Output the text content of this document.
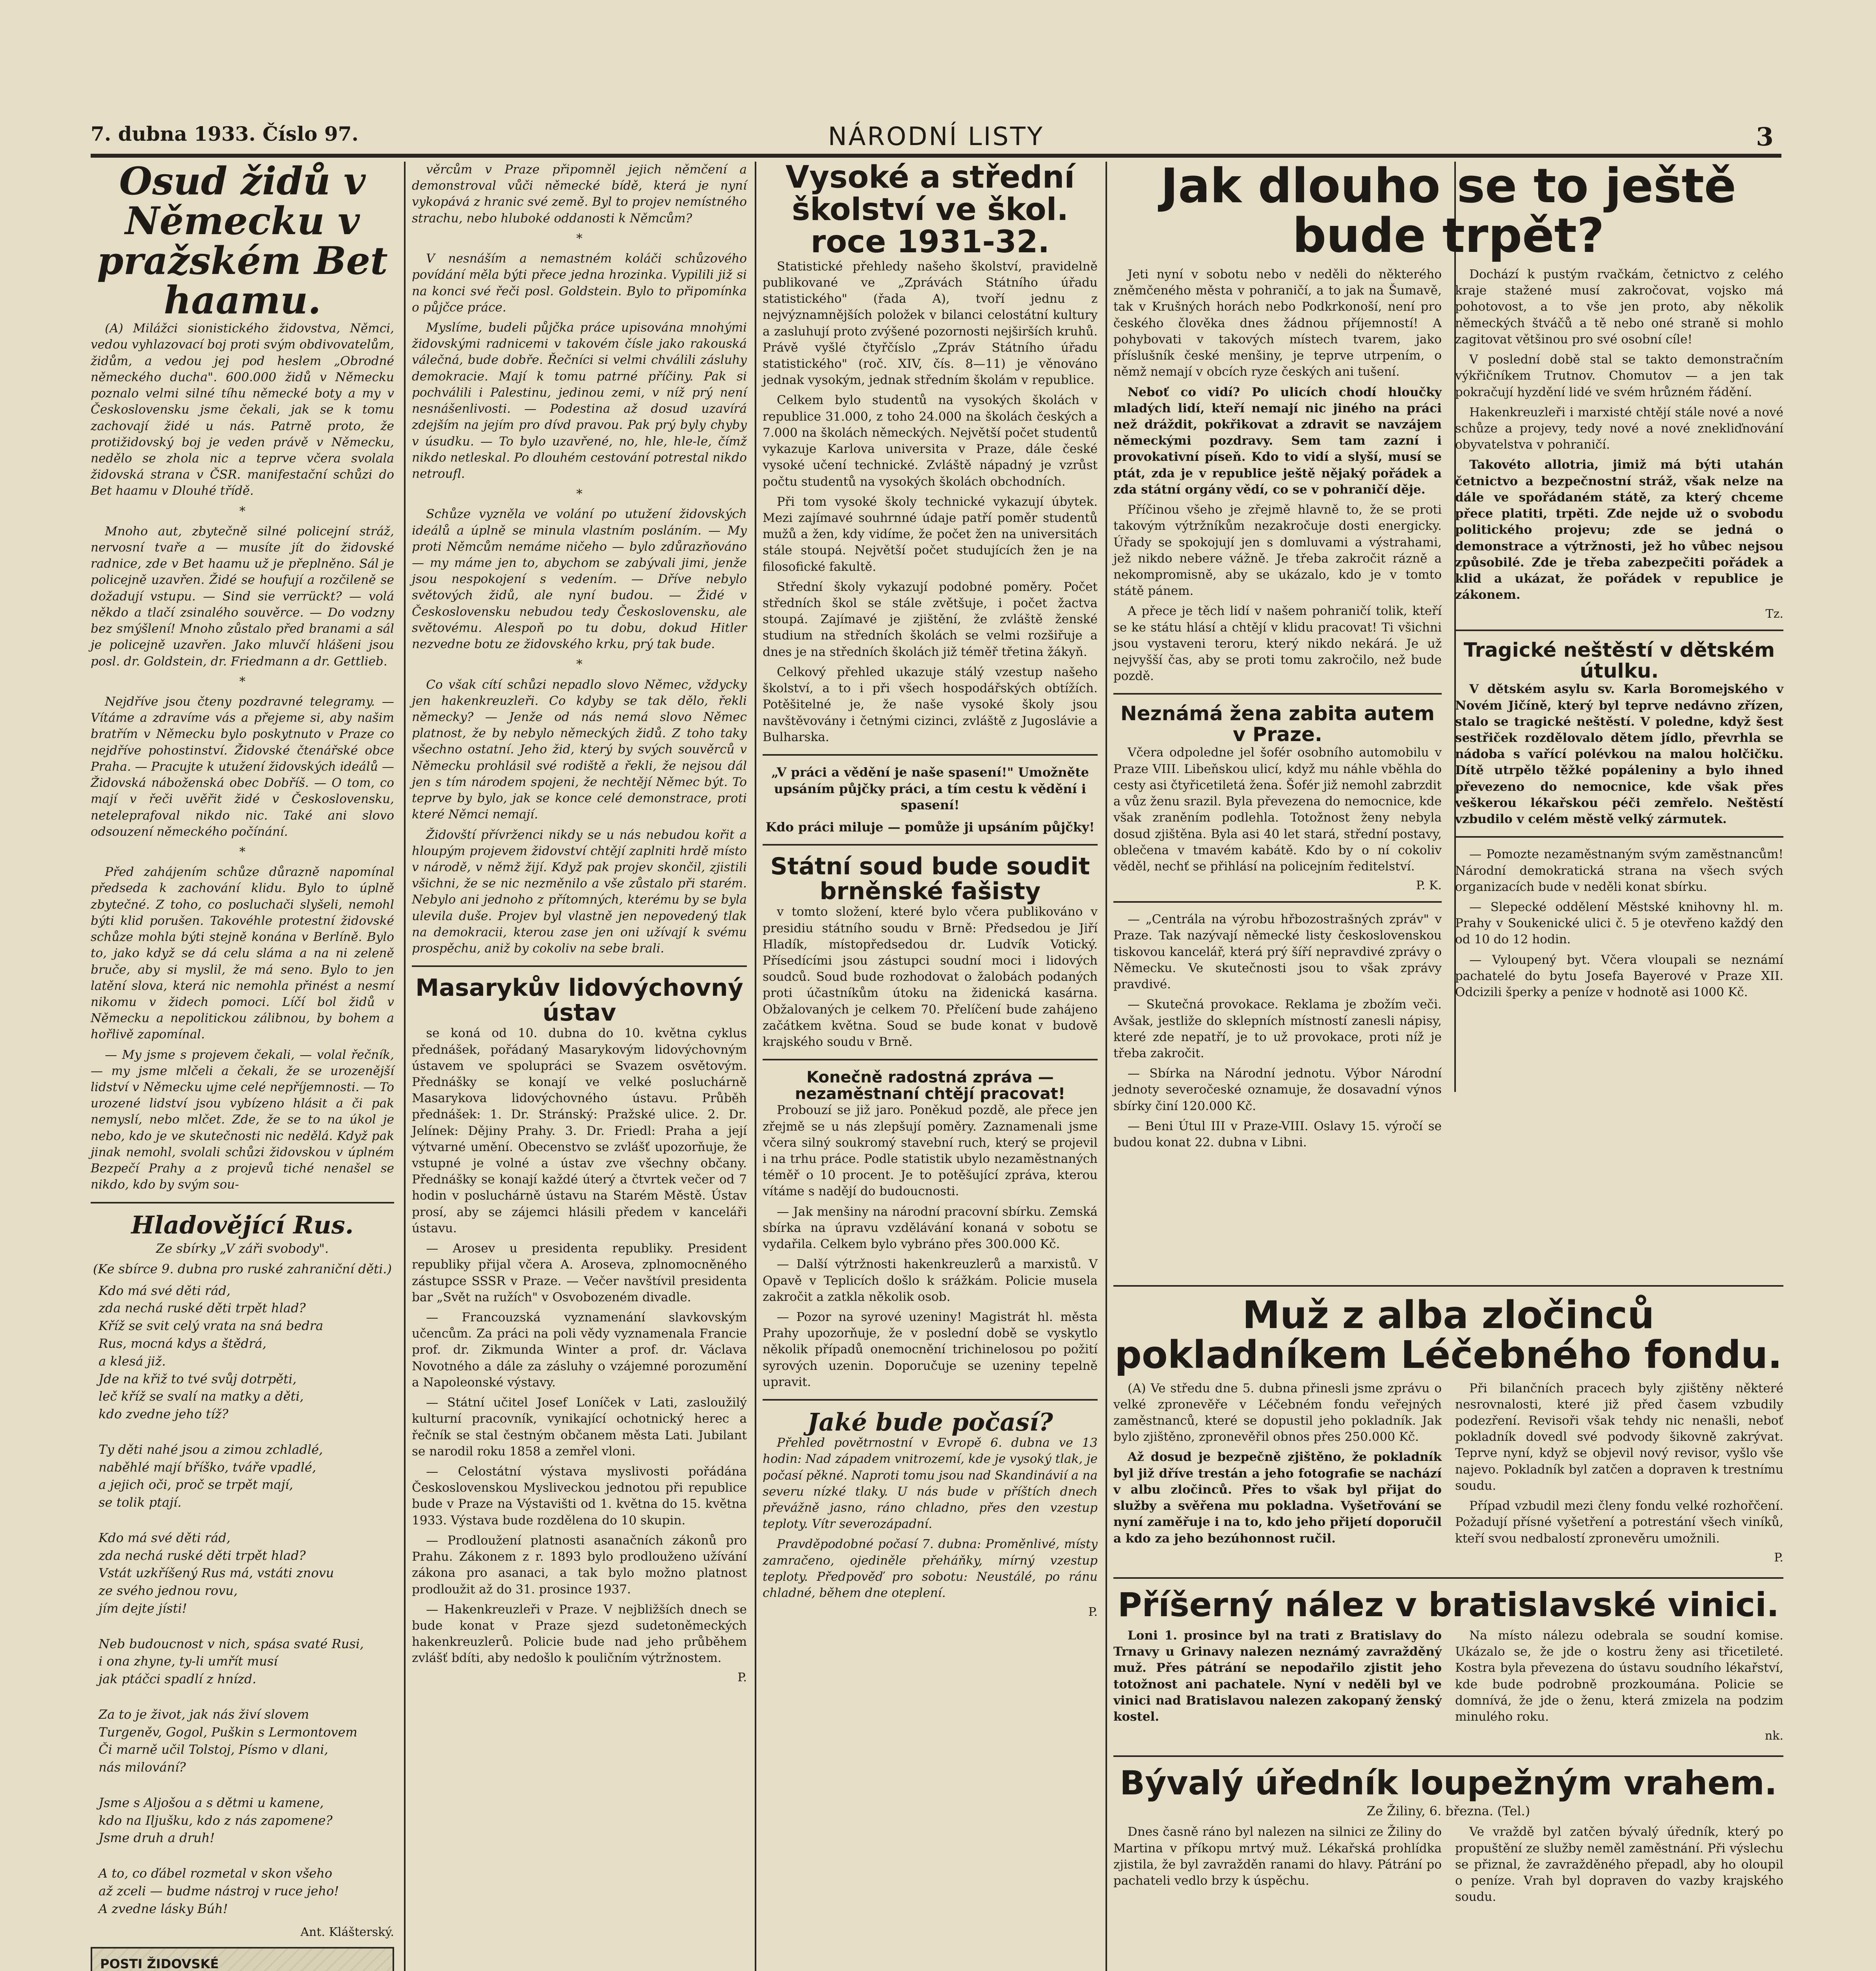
7. dubna 1933. Číslo 97.	NÁRODNÍ LISTY	3
Osud židů v Německu v pražském Bet haamu.

(A) Milážci sionistického židovstva, Němci, vedou vyhlazovací boj proti svým obdivovatelům, židům, a vedou jej pod heslem „Obrodné německého ducha". 600.000 židů v Německu poznalo velmi silné tíhu německé boty a my v Československu jsme čekali, jak se k tomu zachovají židé u nás. Patrně proto, že protižidovský boj je veden právě v Německu, nedělo se zhola nic a teprve včera svolala židovská strana v ČSR. manifestační schůzi do Bet haamu v Dlouhé třídě.

*

Mnoho aut, zbytečně silné policejní stráž, nervosní tvaře a — musíte jít do židovské radnice, zde v Bet haamu už je přeplněno. Sál je policejně uzavřen. Židé se houfují a rozčileně se dožadují vstupu. — Sind sie verrückt? — volá někdo a tlačí zsinalého souvěrce. — Do vodzny bez smýšlení! Mnoho zůstalo před branami a sál je policejně uzavřen. Jako mluvčí hlášeni jsou posl. dr. Goldstein, dr. Friedmann a dr. Gettlieb.

*

Nejdříve jsou čteny pozdravné telegramy. — Vítáme a zdravíme vás a přejeme si, aby našim bratřím v Německu bylo poskytnuto v Praze co nejdříve pohostinství. Židovské čtenářské obce Praha. — Pracujte k utužení židovských ideálů — Židovská náboženská obec Dobříš. — O tom, co mají v řeči uvěřit židé v Československu, neteleprafoval nikdo nic. Také ani slovo odsouzení německého počínání.

*

Před zahájením schůze důrazně napomínal předseda k zachování klidu. Bylo to úplně zbytečné. Z toho, co posluchači slyšeli, nemohl býti klid porušen. Takovéhle protestní židovské schůze mohla býti stejně konána v Berlíně. Bylo to, jako když se dá celu sláma a na ni zeleně bruče, aby si myslil, že má seno. Bylo to jen latění slova, která nic nemohla přinést a nesmí nikomu v židech pomoci. Líčí bol židů v Německu a nepolitickou zálibnou, by bohem a hořlivě zapomínal.

— My jsme s projevem čekali, — volal řečník, — my jsme mlčeli a čekali, že se urozenější lidství v Německu ujme celé nepříjemnosti. — To urozené lidství jsou vybízeno hlásit a či pak nemyslí, nebo mlčet. Zde, že se to na úkol je nebo, kdo je ve skutečnosti nic nedělá. Když pak jinak nemohl, svolali schůzi židovskou v úplném Bezpečí Prahy a z projevů tiché nenašel se nikdo, kdo by svým sou-

Hladovějící Rus.
Ze sbírky „V záři svobody".
(Ke sbírce 9. dubna pro ruské zahraniční děti.)
Kdo má své děti rád,
zda nechá ruské děti trpět hlad?
Kříž se svit celý vrata na sná bedra
Rus, mocná kdys a štědrá,
a klesá již.
Jde na křiž to tvé svůj dotrpěti,
leč kříž se svalí na matky a děti,
kdo zvedne jeho tíž?

Ty děti nahé jsou a zimou zchladlé,
naběhlé mají bříško, tváře vpadlé,
a jejich oči, proč se trpět mají,
se tolik ptají.

Kdo má své děti rád,
zda nechá ruské děti trpět hlad?
Vstát uzkříšený Rus má, vstáti znovu
ze svého jednou rovu,
jím dejte jísti!

Neb budoucnost v nich, spása svaté Rusi,
i ona zhyne, ty-li umřít musí
jak ptáčci spadlí z hnízd.

Za to je život, jak nás živí slovem
Turgeněv, Gogol, Puškin s Lermontovem
Či marně učil Tolstoj, Písmo v dlani,
nás milování?

Jsme s Aljošou a s dětmi u kamene,
kdo na Iljušku, kdo z nás zapomene?
Jsme druh a druh!

A to, co ďábel rozmetal v skon všeho
až zceli — budme nástroj v ruce jeho!
A zvedne lásky Búh!
Ant. Klášterský.
POSTI ŽIDOVSKÉ

věrcům v Praze připomněl jejich němčení a demonstroval vůči německé bídě, která je nyní vykopává z hranic své země. Byl to projev nemístného strachu, nebo hluboké oddanosti k Němcům?

*

V nesnáším a nemastném koláči schůzového povídání měla býti přece jedna hrozinka. Vypilili již si na konci své řeči posl. Goldstein. Bylo to připomínka o půjčce práce.

Myslíme, budeli půjčka práce upisována mnohými židovskými radnicemi v takovém čísle jako rakouská válečná, bude dobře. Řečníci si velmi chválili zásluhy demokracie. Mají k tomu patrné příčiny. Pak si pochválili i Palestinu, jedinou zemi, v níž prý není nesnášenlivosti. — Podestina až dosud uzavírá zdejším na jejím pro dívd pravou. Pak prý byly chyby v úsudku. — To bylo uzavřené, no, hle, hle-le, čímž nikdo netleskal. Po dlouhém cestování potrestal nikdo netroufl.

*

Schůze vyzněla ve volání po utužení židovských ideálů a úplně se minula vlastním posláním. — My proti Němcům nemáme ničeho — bylo zdůrazňováno — my máme jen to, abychom se zabývali jimi, jenže jsou nespokojení s vedením. — Dříve nebylo světových židů, ale nyní budou. — Židé v Československu nebudou tedy Československu, ale světovému. Alespoň po tu dobu, dokud Hitler nezvedne botu ze židovského krku, prý tak bude.

*

Co však cítí schůzi nepadlo slovo Němec, vždycky jen hakenkreuzleři. Co kdyby se tak dělo, řekli německy? — Jenže od nás nemá slovo Němec platnost, že by nebylo německých židů. Z toho taky všechno ostatní. Jeho žid, který by svých souvěrců v Německu prohlásil své rodiště a řekli, že nejsou dál jen s tím národem spojeni, že nechtějí Němec být. To teprve by bylo, jak se konce celé demonstrace, proti které Němci nemají.

Židovští přívrženci nikdy se u nás nebudou kořit a hloupým projevem židovství chtějí zaplniti hrdě místo v národě, v němž žijí. Když pak projev skončil, zjistili všichni, že se nic nezměnilo a vše zůstalo při starém. Nebylo ani jednoho z přítomných, kterému by se byla ulevila duše. Projev byl vlastně jen nepovedený tlak na demokracii, kterou zase jen oni užívají k svému prospěchu, aniž by cokoliv na sebe brali.

Masarykův lidovýchovný ústav

se koná od 10. dubna do 10. května cyklus přednášek, pořádaný Masarykovým lidovýchovným ústavem ve spolupráci se Svazem osvětovým. Přednášky se konají ve velké posluchárně Masarykova lidovýchovného ústavu. Průběh přednášek: 1. Dr. Stránský: Pražské ulice. 2. Dr. Jelínek: Dějiny Prahy. 3. Dr. Friedl: Praha a její výtvarné umění. Obecenstvo se zvlášť upozorňuje, že vstupné je volné a ústav zve všechny občany. Přednášky se konají každé úterý a čtvrtek večer od 7 hodin v posluchárně ústavu na Starém Městě. Ústav prosí, aby se zájemci hlásili předem v kanceláři ústavu.

— Arosev u presidenta republiky. President republiky přijal včera A. Aroseva, zplnomocněného zástupce SSSR v Praze. — Večer navštívil presidenta bar „Svět na ružích" v Osvobozeném divadle.

— Francouzská vyznamenání slavkovským učencům. Za práci na poli vědy vyznamenala Francie prof. dr. Zikmunda Winter a prof. dr. Václava Novotného a dále za zásluhy o vzájemné porozumění a Napoleonské výstavy.

— Státní učitel Josef Loníček v Lati, zasloužilý kulturní pracovník, vynikající ochotnický herec a řečník se stal čestným občanem města Lati. Jubilant se narodil roku 1858 a zemřel vloni.

— Celostátní výstava myslivosti pořádána Československou Mysliveckou jednotou při republice bude v Praze na Výstavišti od 1. května do 15. května 1933. Výstava bude rozdělena do 10 skupin.

— Prodloužení platnosti asanačních zákonů pro Prahu. Zákonem z r. 1893 bylo prodlouženo užívání zákona pro asanaci, a tak bylo možno platnost prodloužit až do 31. prosince 1937.

— Hakenkreuzleři v Praze. V nejbližších dnech se bude konat v Praze sjezd sudetoněmeckých hakenkreuzlerů. Policie bude nad jeho průběhem zvlášť bdíti, aby nedošlo k pouličním výtržnostem.

P.
Vysoké a střední školství ve škol. roce 1931-32.

Statistické přehledy našeho školství, pravidelně publikované ve „Zprávách Státního úřadu statistického" (řada A), tvoří jednu z nejvýznamnějších položek v bilanci celostátní kultury a zasluhují proto zvýšené pozornosti nejširších kruhů. Právě vyšlé čtyřčíslo „Zpráv Státního úřadu statistického" (roč. XIV, čís. 8—11) je věnováno jednak vysokým, jednak středním školám v republice.

Celkem bylo studentů na vysokých školách v republice 31.000, z toho 24.000 na školách českých a 7.000 na školách německých. Největší počet studentů vykazuje Karlova universita v Praze, dále české vysoké učení technické. Zvláště nápadný je vzrůst počtu studentů na vysokých školách obchodních.

Při tom vysoké školy technické vykazují úbytek. Mezi zajímavé souhrnné údaje patří poměr studentů mužů a žen, kdy vidíme, že počet žen na universitách stále stoupá. Největší počet studujících žen je na filosofické fakultě.

Střední školy vykazují podobné poměry. Počet středních škol se stále zvětšuje, i počet žactva stoupá. Zajímavé je zjištění, že zvláště ženské studium na středních školách se velmi rozšiřuje a dnes je na středních školách již téměř třetina žákyň.

Celkový přehled ukazuje stálý vzestup našeho školství, a to i při všech hospodářských obtížích. Potěšitelné je, že naše vysoké školy jsou navštěvovány i četnými cizinci, zvláště z Jugoslávie a Bulharska.

„V práci a vědění je naše spasení!" Umožněte upsáním půjčky práci, a tím cestu k vědění i spasení!
Kdo práci miluje — pomůže ji upsáním půjčky!
Státní soud bude soudit brněnské fašisty

v tomto složení, které bylo včera publikováno v presidiu státního soudu v Brně: Předsedou je Jiří Hladík, místopředsedou dr. Ludvík Votický. Přísedícími jsou zástupci soudní moci i lidových soudců. Soud bude rozhodovat o žalobách podaných proti účastníkům útoku na židenická kasárna. Obžalovaných je celkem 70. Přelíčení bude zahájeno začátkem května. Soud se bude konat v budově krajského soudu v Brně.

Konečně radostná zpráva — nezaměstnaní chtějí pracovat!

Probouzí se již jaro. Poněkud pozdě, ale přece jen zřejmě se u nás zlepšují poměry. Zaznamenali jsme včera silný soukromý stavební ruch, který se projevil i na trhu práce. Podle statistik ubylo nezaměstnaných téměř o 10 procent. Je to potěšující zpráva, kterou vítáme s nadějí do budoucnosti.

— Jak menšiny na národní pracovní sbírku. Zemská sbírka na úpravu vzdělávání konaná v sobotu se vydařila. Celkem bylo vybráno přes 300.000 Kč.

— Další výtržnosti hakenkreuzlerů a marxistů. V Opavě v Teplicích došlo k srážkám. Policie musela zakročit a zatkla několik osob.

— Pozor na syrové uzeniny! Magistrát hl. města Prahy upozorňuje, že v poslední době se vyskytlo několik případů onemocnění trichinelosou po požití syrových uzenin. Doporučuje se uzeniny tepelně upravit.

Jaké bude počasí?

Přehled povětrnostní v Evropě 6. dubna ve 13 hodin: Nad západem vnitrozemí, kde je vysoký tlak, je počasí pěkné. Naproti tomu jsou nad Skandinávií a na severu nízké tlaky. U nás bude v příštích dnech převážně jasno, ráno chladno, přes den vzestup teploty. Vítr severozápadní.

Pravděpodobné počasí 7. dubna: Proměnlivé, místy zamračeno, ojediněle přeháňky, mírný vzestup teploty. Předpověď pro sobotu: Neustálé, po ránu chladné, během dne oteplení.

P.
Jak dlouho se to ještě bude trpět?

Jeti nyní v sobotu nebo v neděli do některého zněmčeného města v pohraničí, a to jak na Šumavě, tak v Krušných horách nebo Podkrkonoší, není pro českého člověka dnes žádnou příjemností! A pohybovati v takových místech tvarem, jako příslušník české menšiny, je teprve utrpením, o němž nemají v obcích ryze českých ani tušení.

Neboť co vidí? Po ulicích chodí hloučky mladých lidí, kteří nemají nic jiného na práci než dráždit, pokřikovat a zdravit se navzájem německými pozdravy. Sem tam zazní i provokativní píseň. Kdo to vidí a slyší, musí se ptát, zda je v republice ještě nějaký pořádek a zda státní orgány vědí, co se v pohraničí děje.

Příčinou všeho je zřejmě hlavně to, že se proti takovým výtržníkům nezakročuje dosti energicky. Úřady se spokojují jen s domluvami a výstrahami, jež nikdo nebere vážně. Je třeba zakročit rázně a nekompromisně, aby se ukázalo, kdo je v tomto státě pánem.

A přece je těch lidí v našem pohraničí tolik, kteří se ke státu hlásí a chtějí v klidu pracovat! Ti všichni jsou vystaveni teroru, který nikdo nekárá. Je už nejvyšší čas, aby se proti tomu zakročilo, než bude pozdě.

Neznámá žena zabita autem v Praze.

Včera odpoledne jel šofér osobního automobilu v Praze VIII. Libeňskou ulicí, když mu náhle vběhla do cesty asi čtyřicetiletá žena. Šofér již nemohl zabrzdit a vůz ženu srazil. Byla převezena do nemocnice, kde však zraněním podlehla. Totožnost ženy nebyla dosud zjištěna. Byla asi 40 let stará, střední postavy, oblečena v tmavém kabátě. Kdo by o ní cokoliv věděl, nechť se přihlásí na policejním ředitelství.

P. K.

— „Centrála na výrobu hřbozostrašných zpráv" v Praze. Tak nazývají německé listy československou tiskovou kancelář, která prý šíří nepravdivé zprávy o Německu. Ve skutečnosti jsou to však zprávy pravdivé.

— Skutečná provokace. Reklama je zbožím veči. Avšak, jestliže do sklepních místností zanesli nápisy, které zde nepatří, je to už provokace, proti níž je třeba zakročit.

— Sbírka na Národní jednotu. Výbor Národní jednoty severočeské oznamuje, že dosavadní výnos sbírky činí 120.000 Kč.

— Beni Útul III v Praze-VIII. Oslavy 15. výročí se budou konat 22. dubna v Libni.

Dochází k pustým rvačkám, četnictvo z celého kraje stažené musí zakročovat, vojsko má pohotovost, a to vše jen proto, aby několik německých štváčů a tě nebo oné straně si mohlo zagitovat většinou pro své osobní cíle!

V poslední době stal se takto demonstračním výkřičníkem Trutnov. Chomutov — a jen tak pokračují hyzdění lidé ve svém hrůzném řádění.

Hakenkreuzleři i marxisté chtějí stále nové a nové schůze a projevy, tedy nové a nové znekliďnování obyvatelstva v pohraničí.

Takovéto allotria, jimiž má býti utahán četnictvo a bezpečnostní stráž, však nelze na dále ve spořádaném státě, za který chceme přece platiti, trpěti. Zde nejde už o svobodu politického projevu; zde se jedná o demonstrace a výtržnosti, jež ho vůbec nejsou způsobilé. Zde je třeba zabezpečiti pořádek a klid a ukázat, že pořádek v republice je zákonem.

Tz.
Tragické neštěstí v dětském útulku.

V dětském asylu sv. Karla Boromejského v Novém Jičíně, který byl teprve nedávno zřízen, stalo se tragické neštěstí. V poledne, když šest sestřiček rozdělovalo dětem jídlo, převrhla se nádoba s vařící polévkou na malou holčičku. Dítě utrpělo těžké popáleniny a bylo ihned převezeno do nemocnice, kde však přes veškerou lékařskou péči zemřelo. Neštěstí vzbudilo v celém městě velký zármutek.

— Pomozte nezaměstnaným svým zaměstnancům! Národní demokratická strana na všech svých organizacích bude v neděli konat sbírku.

— Slepecké oddělení Městské knihovny hl. m. Prahy v Soukenické ulici č. 5 je otevřeno každý den od 10 do 12 hodin.

— Vyloupený byt. Včera vloupali se neznámí pachatelé do bytu Josefa Bayerové v Praze XII. Odcizili šperky a peníze v hodnotě asi 1000 Kč.

Muž z alba zločinců pokladníkem Léčebného fondu.

(A) Ve středu dne 5. dubna přinesli jsme zprávu o velké zpronevěře v Léčebném fondu veřejných zaměstnanců, které se dopustil jeho pokladník. Jak bylo zjištěno, zpronevěřil obnos přes 250.000 Kč.

Až dosud je bezpečně zjištěno, že pokladník byl již dříve trestán a jeho fotografie se nachází v albu zločinců. Přes to však byl přijat do služby a svěřena mu pokladna. Vyšetřování se nyní zaměřuje i na to, kdo jeho přijetí doporučil a kdo za jeho bezúhonnost ručil.

Při bilančních pracech byly zjištěny některé nesrovnalosti, které již před časem vzbudily podezření. Revisoři však tehdy nic nenašli, neboť pokladník dovedl své podvody šikovně zakrývat. Teprve nyní, když se objevil nový revisor, vyšlo vše najevo. Pokladník byl zatčen a dopraven k trestnímu soudu.

Případ vzbudil mezi členy fondu velké rozhořčení. Požadují přísné vyšetření a potrestání všech viníků, kteří svou nedbalostí zpronevěru umožnili.

P.
Příšerný nález v bratislavské vinici.

Loni 1. prosince byl na trati z Bratislavy do Trnavy u Grinavy nalezen neznámý zavražděný muž. Přes pátrání se nepodařilo zjistit jeho totožnost ani pachatele. Nyní v neděli byl ve vinici nad Bratislavou nalezen zakopaný ženský kostel.

Na místo nálezu odebrala se soudní komise. Ukázalo se, že jde o kostru ženy asi třicetileté. Kostra byla převezena do ústavu soudního lékařství, kde bude podrobně prozkoumána. Policie se domnívá, že jde o ženu, která zmizela na podzim minulého roku.

nk.
Bývalý úředník loupežným vrahem.
Ze Žiliny, 6. března. (Tel.)

Dnes časně ráno byl nalezen na silnici ze Žiliny do Martina v příkopu mrtvý muž. Lékařská prohlídka zjistila, že byl zavražděn ranami do hlavy. Pátrání po pachateli vedlo brzy k úspěchu.

Ve vraždě byl zatčen bývalý úředník, který po propuštění ze služby neměl zaměstnání. Při výslechu se přiznal, že zavražděného přepadl, aby ho oloupil o peníze. Vrah byl dopraven do vazby krajského soudu.
